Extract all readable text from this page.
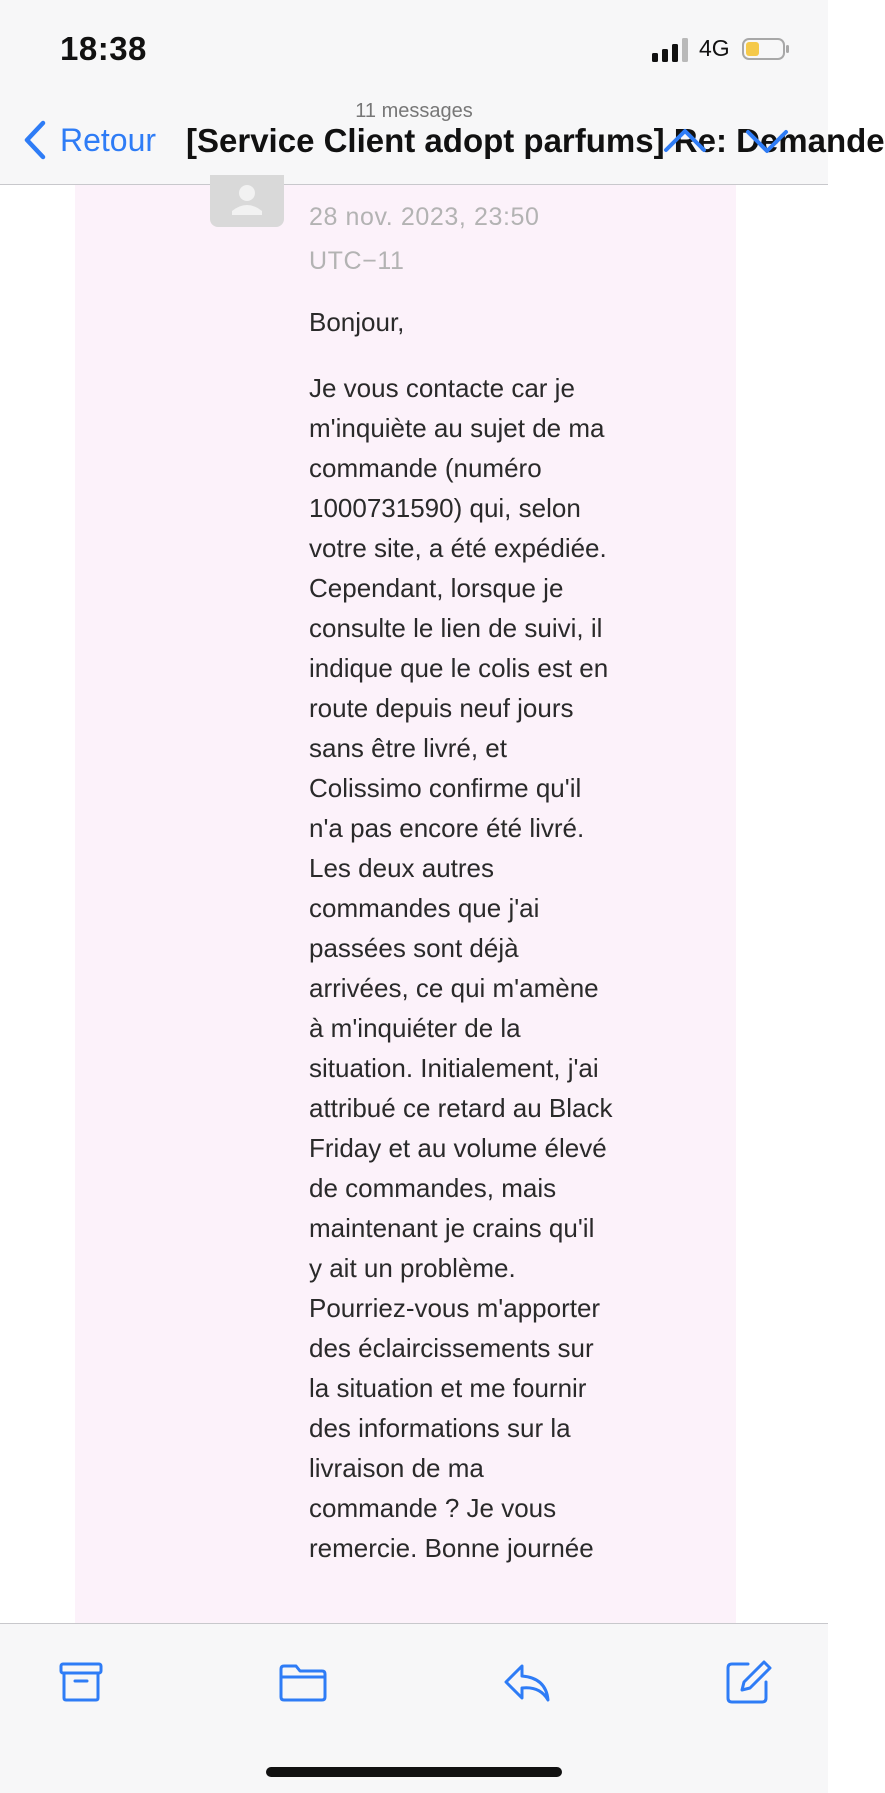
18:38	4G
11 messages
Retour [Service Client adopt parfums] Re: Demande
28 nov. 2023, 23:50
UTC−11

Bonjour,

Je vous contacte car je
m'inquiète au sujet de ma
commande (numéro
1000731590) qui, selon
votre site, a été expédiée.
Cependant, lorsque je
consulte le lien de suivi, il
indique que le colis est en
route depuis neuf jours
sans être livré, et
Colissimo confirme qu'il
n'a pas encore été livré.
Les deux autres
commandes que j'ai
passées sont déjà
arrivées, ce qui m'amène
à m'inquiéter de la
situation. Initialement, j'ai
attribué ce retard au Black
Friday et au volume élevé
de commandes, mais
maintenant je crains qu'il
y ait un problème.
Pourriez-vous m'apporter
des éclaircissements sur
la situation et me fournir
des informations sur la
livraison de ma
commande ? Je vous
remercie. Bonne journée
